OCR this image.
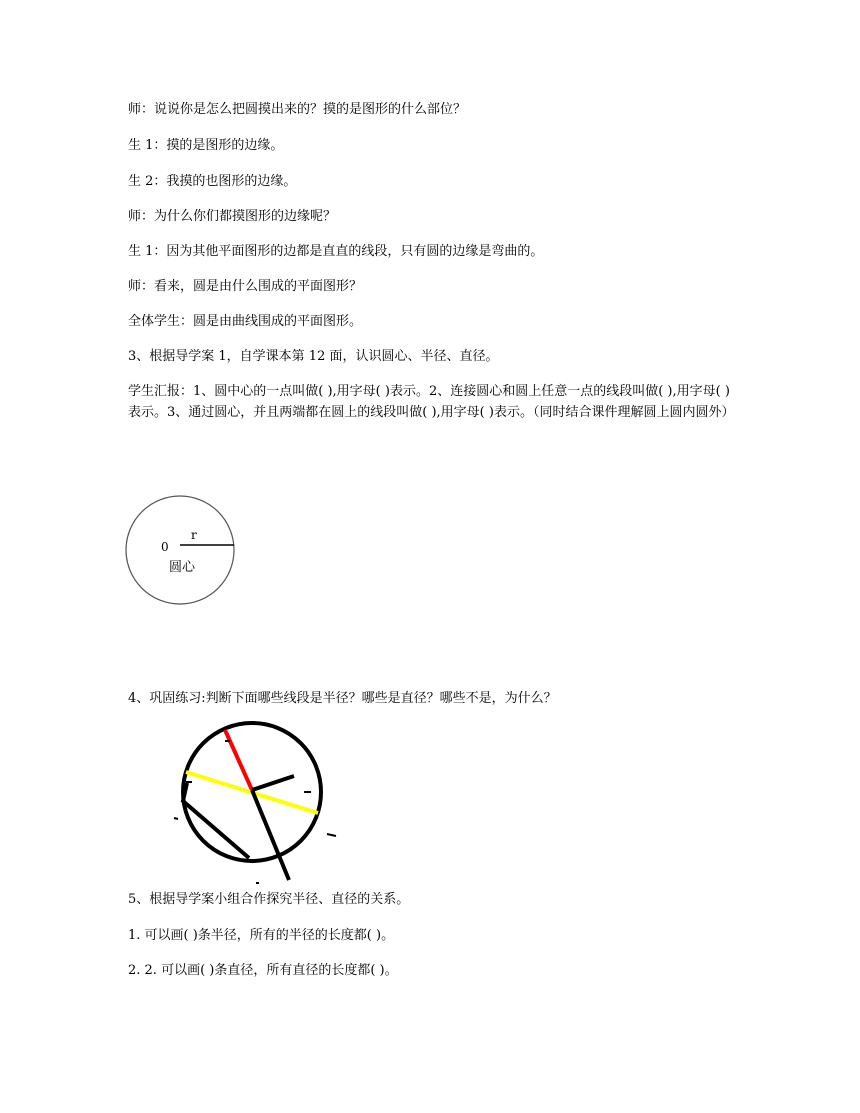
师：说说你是怎么把圆摸出来的？摸的是图形的什么部位？
生 1：摸的是图形的边缘。
生 2：我摸的也图形的边缘。
师：为什么你们都摸图形的边缘呢？
生 1：因为其他平面图形的边都是直直的线段，只有圆的边缘是弯曲的。
师：看来，圆是由什么围成的平面图形？
全体学生：圆是由曲线围成的平面图形。
3、根据导学案 1，自学课本第 12 面，认识圆心、半径、直径。
学生汇报：1、圆中心的一点叫做( ),用字母( )表示。2、连接圆心和圆上任意一点的线段叫做( ),用字母( )表示。3、通过圆心，并且两端都在圆上的线段叫做( ),用字母( )表示。（同时结合课件理解圆上圆内圆外）
0
r
圆心
4、巩固练习:判断下面哪些线段是半径？哪些是直径？哪些不是，为什么？
5、根据导学案小组合作探究半径、直径的关系。
1. 可以画( )条半径，所有的半径的长度都( )。
2. 2. 可以画( )条直径，所有直径的长度都( )。
